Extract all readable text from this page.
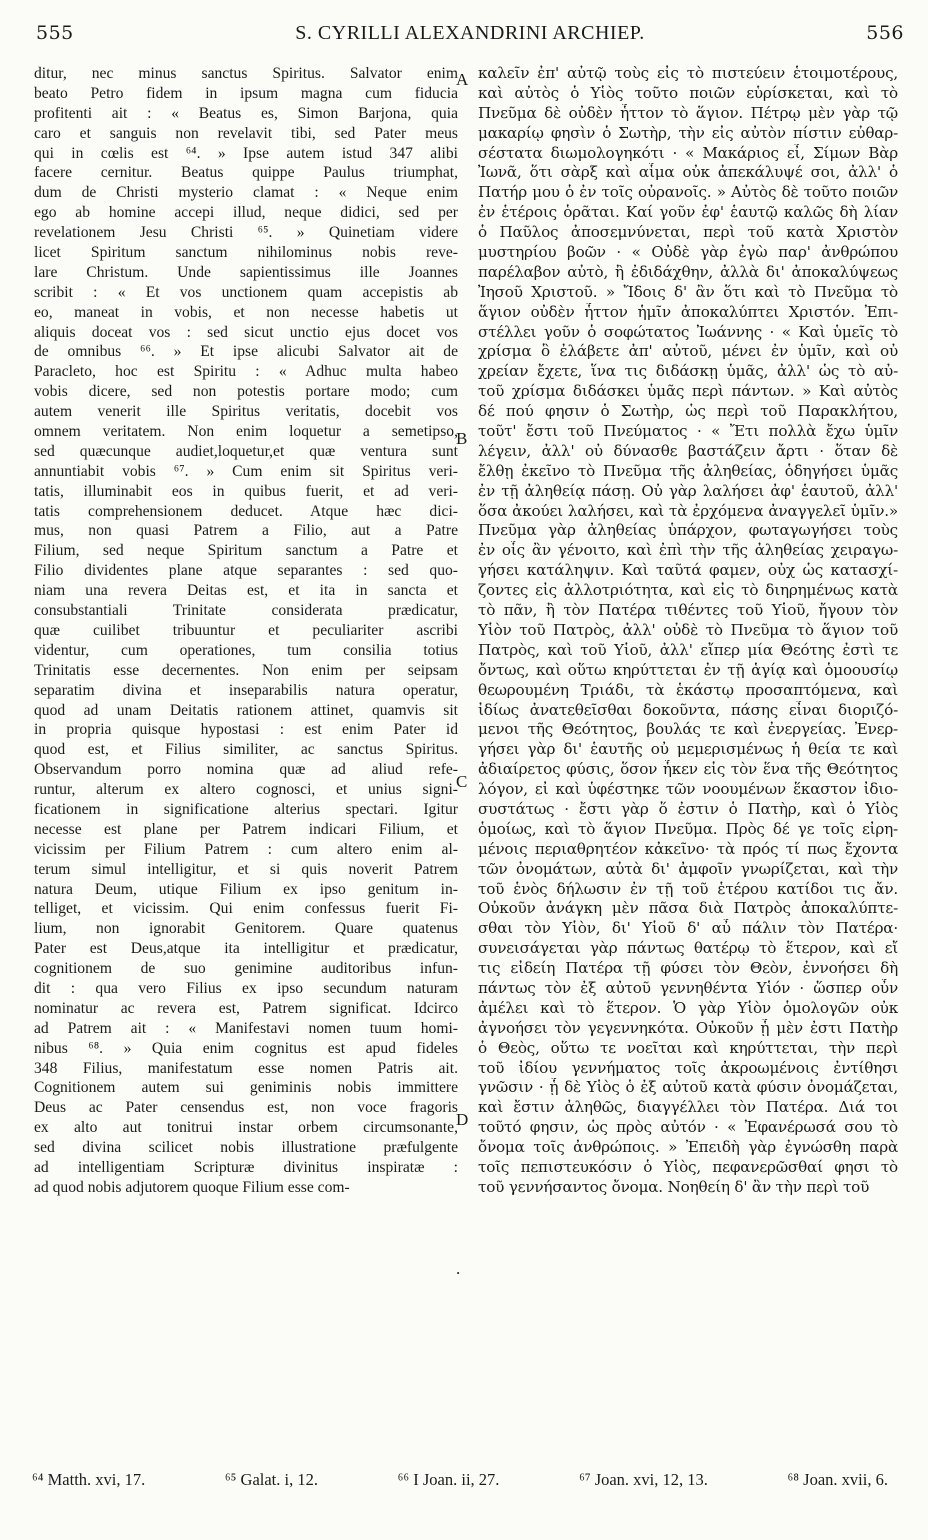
555	S. CYRILLI ALEXANDRINI ARCHIEP.	556
ditur, nec minus sanctus Spiritus. Salvator enim
beato Petro fidem in ipsum magna cum fiducia
profitenti ait : « Beatus es, Simon Barjona, quia
caro et sanguis non revelavit tibi, sed Pater meus
qui in cœlis est ⁶⁴. » Ipse autem istud 347 alibi
facere cernitur. Beatus quippe Paulus triumphat,
dum de Christi mysterio clamat : « Neque enim
ego ab homine accepi illud, neque didici, sed per
revelationem Jesu Christi ⁶⁵. » Quinetiam videre
licet Spiritum sanctum nihilominus nobis reve-
lare Christum. Unde sapientissimus ille Joannes
scribit : « Et vos unctionem quam accepistis ab
eo, maneat in vobis, et non necesse habetis ut
aliquis doceat vos : sed sicut unctio ejus docet vos
de omnibus ⁶⁶. » Et ipse alicubi Salvator ait de
Paracleto, hoc est Spiritu : « Adhuc multa habeo
vobis dicere, sed non potestis portare modo; cum
autem venerit ille Spiritus veritatis, docebit vos
omnem veritatem. Non enim loquetur a semetipso,
sed quæcunque audiet,loquetur,et quæ ventura sunt
annuntiabit vobis ⁶⁷. » Cum enim sit Spiritus veri-
tatis, illuminabit eos in quibus fuerit, et ad veri-
tatis comprehensionem deducet. Atque hæc dici-
mus, non quasi Patrem a Filio, aut a Patre
Filium, sed neque Spiritum sanctum a Patre et
Filio dividentes plane atque separantes : sed quo-
niam una revera Deitas est, et ita in sancta et
consubstantiali Trinitate considerata prædicatur,
quæ cuilibet tribuuntur et peculiariter ascribi
videntur, cum operationes, tum consilia totius
Trinitatis esse decernentes. Non enim per seipsam
separatim divina et inseparabilis natura operatur,
quod ad unam Deitatis rationem attinet, quamvis sit
in propria quisque hypostasi : est enim Pater id
quod est, et Filius similiter, ac sanctus Spiritus.
Observandum porro nomina quæ ad aliud refe-
runtur, alterum ex altero cognosci, et unius signi-
ficationem in significatione alterius spectari. Igitur
necesse est plane per Patrem indicari Filium, et
vicissim per Filium Patrem : cum altero enim al-
terum simul intelligitur, et si quis noverit Patrem
natura Deum, utique Filium ex ipso genitum in-
telliget, et vicissim. Qui enim confessus fuerit Fi-
lium, non ignorabit Genitorem. Quare quatenus
Pater est Deus,atque ita intelligitur et prædicatur,
cognitionem de suo genimine auditoribus infun-
dit : qua vero Filius ex ipso secundum naturam
nominatur ac revera est, Patrem significat. Idcirco
ad Patrem ait : « Manifestavi nomen tuum homi-
nibus ⁶⁸. » Quia enim cognitus est apud fideles
348 Filius, manifestatum esse nomen Patris ait.
Cognitionem autem sui geniminis nobis immittere
Deus ac Pater censendus est, non voce fragoris
ex alto aut tonitrui instar orbem circumsonante,
sed divina scilicet nobis illustratione præfulgente
ad intelligentiam Scripturæ divinitus inspiratæ :
ad quod nobis adjutorem quoque Filium esse com-
A
B
C
D
.
καλεῖν ἐπ' αὐτῷ τοὺς εἰς τὸ πιστεύειν ἑτοιμοτέρους,
καὶ αὐτὸς ὁ Υἱὸς τοῦτο ποιῶν εὑρίσκεται, καὶ τὸ
Πνεῦμα δὲ οὐδὲν ἧττον τὸ ἅγιον. Πέτρῳ μὲν γὰρ τῷ
μακαρίῳ φησὶν ὁ Σωτὴρ, τὴν εἰς αὐτὸν πίστιν εὐθαρ-
σέστατα διωμολογηκότι · « Μακάριος εἶ, Σίμων Βὰρ
Ἰωνᾶ, ὅτι σὰρξ καὶ αἷμα οὐκ ἀπεκάλυψέ σοι, ἀλλ' ὁ
Πατήρ μου ὁ ἐν τοῖς οὐρανοῖς. » Αὐτὸς δὲ τοῦτο ποιῶν
ἐν ἑτέροις ὁρᾶται. Καί γοῦν ἐφ' ἑαυτῷ καλῶς δὴ λίαν
ὁ Παῦλος ἀποσεμνύνεται, περὶ τοῦ κατὰ Χριστὸν
μυστηρίου βοῶν · « Οὐδὲ γὰρ ἐγὼ παρ' ἀνθρώπου
παρέλαβον αὐτὸ, ἢ ἐδιδάχθην, ἀλλὰ δι' ἀποκαλύψεως
Ἰησοῦ Χριστοῦ. » Ἴδοις δ' ἂν ὅτι καὶ τὸ Πνεῦμα τὸ
ἅγιον οὐδὲν ἧττον ἡμῖν ἀποκαλύπτει Χριστόν. Ἐπι-
στέλλει γοῦν ὁ σοφώτατος Ἰωάννης · « Καὶ ὑμεῖς τὸ
χρίσμα ὃ ἐλάβετε ἀπ' αὐτοῦ, μένει ἐν ὑμῖν, καὶ οὐ
χρείαν ἔχετε, ἵνα τις διδάσκῃ ὑμᾶς, ἀλλ' ὡς τὸ αὐ-
τοῦ χρίσμα διδάσκει ὑμᾶς περὶ πάντων. » Καὶ αὐτὸς
δέ πού φησιν ὁ Σωτὴρ, ὡς περὶ τοῦ Παρακλήτου,
τοῦτ' ἔστι τοῦ Πνεύματος · « Ἔτι πολλὰ ἔχω ὑμῖν
λέγειν, ἀλλ' οὐ δύνασθε βαστάζειν ἄρτι · ὅταν δὲ
ἔλθῃ ἐκεῖνο τὸ Πνεῦμα τῆς ἀληθείας, ὁδηγήσει ὑμᾶς
ἐν τῇ ἀληθείᾳ πάσῃ. Οὐ γὰρ λαλήσει ἀφ' ἑαυτοῦ, ἀλλ'
ὅσα ἀκούει λαλήσει, καὶ τὰ ἐρχόμενα ἀναγγελεῖ ὑμῖν.»
Πνεῦμα γὰρ ἀληθείας ὑπάρχον, φωταγωγήσει τοὺς
ἐν οἷς ἂν γένοιτο, καὶ ἐπὶ τὴν τῆς ἀληθείας χειραγω-
γήσει κατάληψιν. Καὶ ταῦτά φαμεν, οὐχ ὡς κατασχί-
ζοντες εἰς ἀλλοτριότητα, καὶ εἰς τὸ διηρημένως κατὰ
τὸ πᾶν, ἢ τὸν Πατέρα τιθέντες τοῦ Υἱοῦ, ἤγουν τὸν
Υἱὸν τοῦ Πατρὸς, ἀλλ' οὐδὲ τὸ Πνεῦμα τὸ ἅγιον τοῦ
Πατρὸς, καὶ τοῦ Υἱοῦ, ἀλλ' εἴπερ μία Θεότης ἐστὶ τε
ὄντως, καὶ οὕτω κηρύττεται ἐν τῇ ἁγίᾳ καὶ ὁμοουσίῳ
θεωρουμένη Τριάδι, τὰ ἑκάστῳ προσαπτόμενα, καὶ
ἰδίως ἀνατεθεῖσθαι δοκοῦντα, πάσης εἶναι διοριζό-
μενοι τῆς Θεότητος, βουλάς τε καὶ ἐνεργείας. Ἐνερ-
γήσει γὰρ δι' ἑαυτῆς οὐ μεμερισμένως ἡ θεία τε καὶ
ἀδιαίρετος φύσις, ὅσον ἧκεν εἰς τὸν ἕνα τῆς Θεότητος
λόγον, εἰ καὶ ὑφέστηκε τῶν νοουμένων ἕκαστον ἰδιο-
συστάτως · ἔστι γὰρ ὅ ἐστιν ὁ Πατὴρ, καὶ ὁ Υἱὸς
ὁμοίως, καὶ τὸ ἅγιον Πνεῦμα. Πρὸς δέ γε τοῖς εἰρη-
μένοις περιαθρητέον κἀκεῖνο· τὰ πρός τί πως ἔχοντα
τῶν ὀνομάτων, αὐτὰ δι' ἀμφοῖν γνωρίζεται, καὶ τὴν
τοῦ ἑνὸς δήλωσιν ἐν τῇ τοῦ ἑτέρου κατίδοι τις ἄν.
Οὐκοῦν ἀνάγκη μὲν πᾶσα διὰ Πατρὸς ἀποκαλύπτε-
σθαι τὸν Υἱὸν, δι' Υἱοῦ δ' αὖ πάλιν τὸν Πατέρα·
συνεισάγεται γὰρ πάντως θατέρῳ τὸ ἕτερον, καὶ εἴ
τις εἰδείη Πατέρα τῇ φύσει τὸν Θεὸν, ἐννοήσει δὴ
πάντως τὸν ἐξ αὐτοῦ γεννηθέντα Υἱόν · ὥσπερ οὖν
ἀμέλει καὶ τὸ ἕτερον. Ὁ γὰρ Υἱὸν ὁμολογῶν οὐκ
ἀγνοήσει τὸν γεγεννηκότα. Οὐκοῦν ᾗ μὲν ἐστι Πατὴρ
ὁ Θεὸς, οὕτω τε νοεῖται καὶ κηρύττεται, τὴν περὶ
τοῦ ἰδίου γεννήματος τοῖς ἀκροωμένοις ἐντίθησι
γνῶσιν · ᾗ δὲ Υἱὸς ὁ ἐξ αὐτοῦ κατὰ φύσιν ὀνομάζεται,
καὶ ἔστιν ἀληθῶς, διαγγέλλει τὸν Πατέρα. Διά τοι
τοῦτό φησιν, ὡς πρὸς αὐτόν · « Ἐφανέρωσά σου τὸ
ὄνομα τοῖς ἀνθρώποις. » Ἐπειδὴ γὰρ ἐγνώσθη παρὰ
τοῖς πεπιστευκόσιν ὁ Υἱὸς, πεφανερῶσθαί φησι τὸ
τοῦ γεννήσαντος ὄνομα. Νοηθείη δ' ἂν τὴν περὶ τοῦ
⁶⁴ Matth. xvi, 17.	⁶⁵ Galat. i, 12.	⁶⁶ I Joan. ii, 27.	⁶⁷ Joan. xvi, 12, 13.	⁶⁸ Joan. xvii, 6.
